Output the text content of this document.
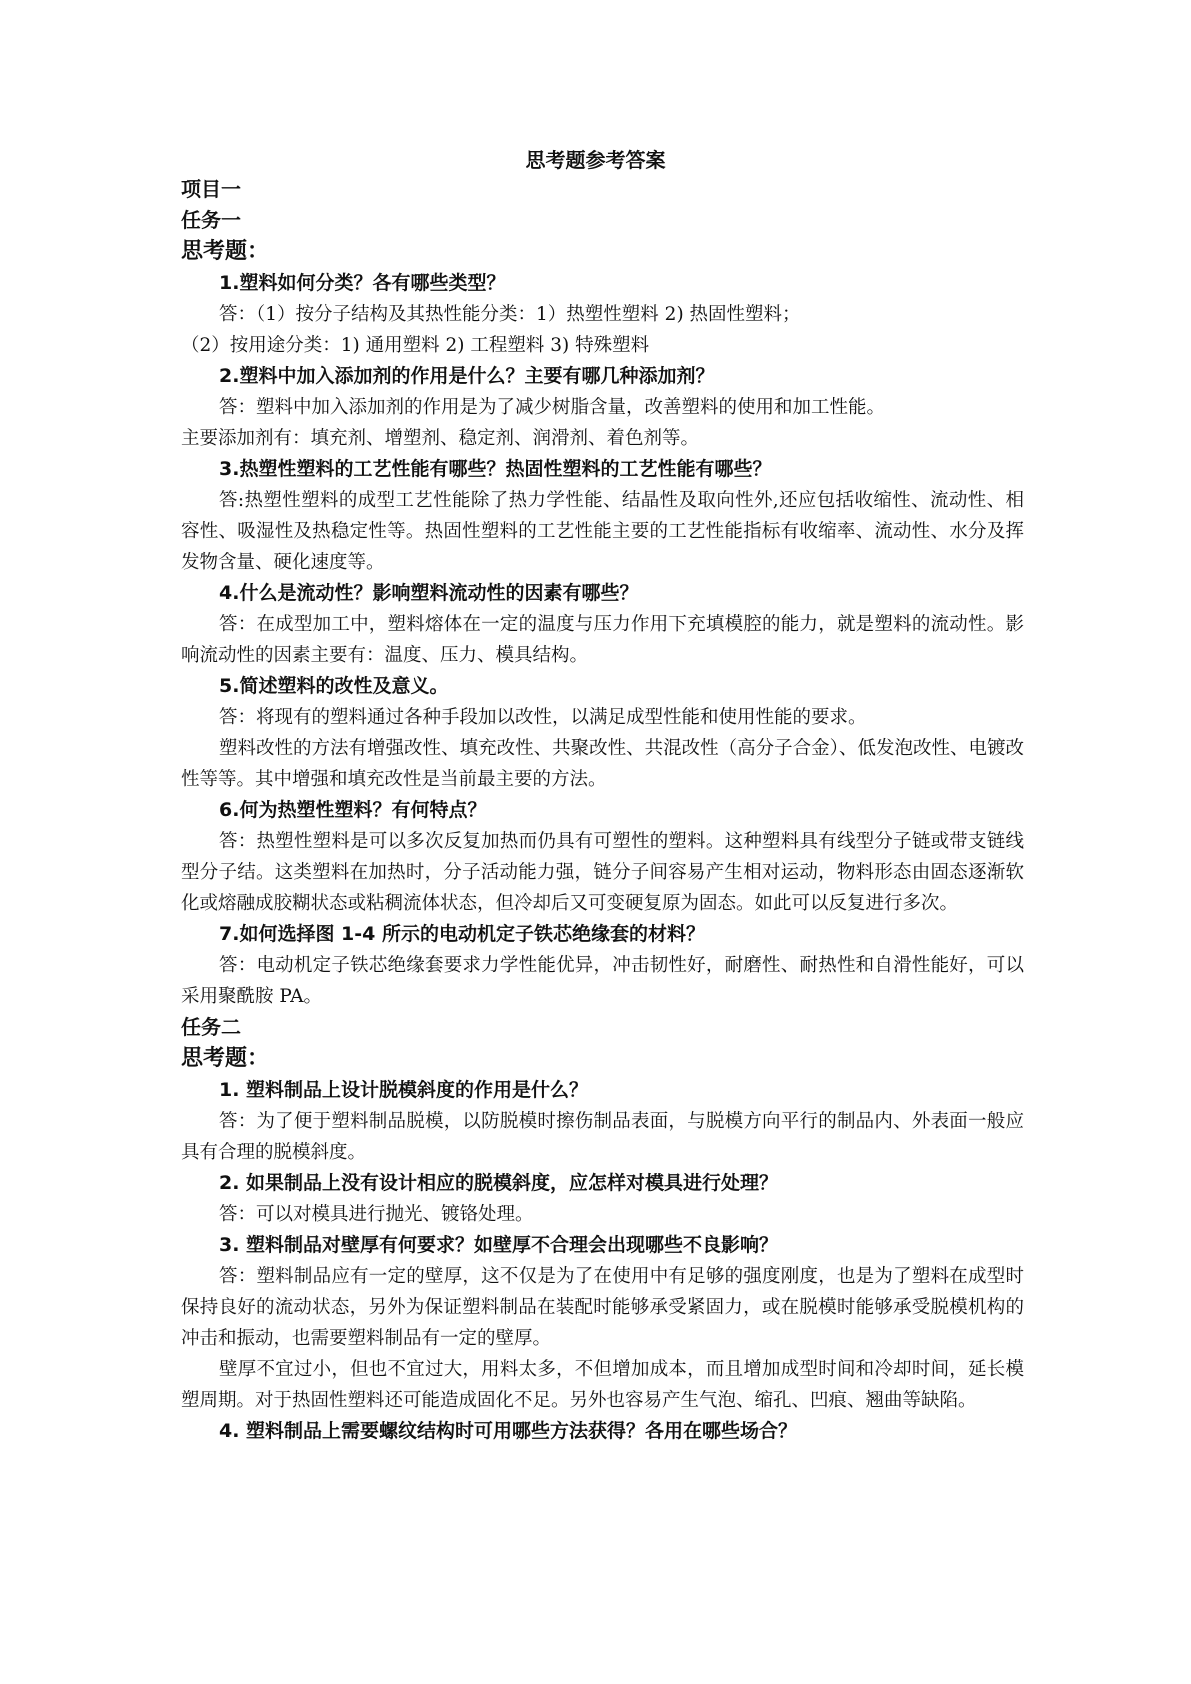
思考题参考答案
项目一
任务一
思考题：
1.塑料如何分类？各有哪些类型？
答：（1）按分子结构及其热性能分类：1）热塑性塑料 2) 热固性塑料；
（2）按用途分类：1) 通用塑料 2) 工程塑料 3) 特殊塑料
2.塑料中加入添加剂的作用是什么？主要有哪几种添加剂？
答：塑料中加入添加剂的作用是为了减少树脂含量，改善塑料的使用和加工性能。
主要添加剂有：填充剂、增塑剂、稳定剂、润滑剂、着色剂等。
3.热塑性塑料的工艺性能有哪些？热固性塑料的工艺性能有哪些？
答:热塑性塑料的成型工艺性能除了热力学性能、结晶性及取向性外,还应包括收缩性、流动性、相容性、吸湿性及热稳定性等。热固性塑料的工艺性能主要的工艺性能指标有收缩率、流动性、水分及挥发物含量、硬化速度等。
4.什么是流动性？影响塑料流动性的因素有哪些？
答：在成型加工中，塑料熔体在一定的温度与压力作用下充填模腔的能力，就是塑料的流动性。影响流动性的因素主要有：温度、压力、模具结构。
5.简述塑料的改性及意义。
答：将现有的塑料通过各种手段加以改性，以满足成型性能和使用性能的要求。
塑料改性的方法有增强改性、填充改性、共聚改性、共混改性（高分子合金）、低发泡改性、电镀改性等等。其中增强和填充改性是当前最主要的方法。
6.何为热塑性塑料？有何特点？
答：热塑性塑料是可以多次反复加热而仍具有可塑性的塑料。这种塑料具有线型分子链或带支链线型分子结。这类塑料在加热时，分子活动能力强，链分子间容易产生相对运动，物料形态由固态逐渐软化或熔融成胶糊状态或粘稠流体状态，但冷却后又可变硬复原为固态。如此可以反复进行多次。
7.如何选择图 1-4 所示的电动机定子铁芯绝缘套的材料？
答：电动机定子铁芯绝缘套要求力学性能优异，冲击韧性好，耐磨性、耐热性和自滑性能好，可以采用聚酰胺 PA。
任务二
思考题：
1. 塑料制品上设计脱模斜度的作用是什么？
答：为了便于塑料制品脱模，以防脱模时擦伤制品表面，与脱模方向平行的制品内、外表面一般应具有合理的脱模斜度。
2. 如果制品上没有设计相应的脱模斜度，应怎样对模具进行处理？
答：可以对模具进行抛光、镀铬处理。
3. 塑料制品对壁厚有何要求？如壁厚不合理会出现哪些不良影响？
答：塑料制品应有一定的壁厚，这不仅是为了在使用中有足够的强度刚度，也是为了塑料在成型时保持良好的流动状态，另外为保证塑料制品在装配时能够承受紧固力，或在脱模时能够承受脱模机构的冲击和振动，也需要塑料制品有一定的壁厚。
壁厚不宜过小，但也不宜过大，用料太多，不但增加成本，而且增加成型时间和冷却时间，延长模塑周期。对于热固性塑料还可能造成固化不足。另外也容易产生气泡、缩孔、凹痕、翘曲等缺陷。
4. 塑料制品上需要螺纹结构时可用哪些方法获得？各用在哪些场合？
